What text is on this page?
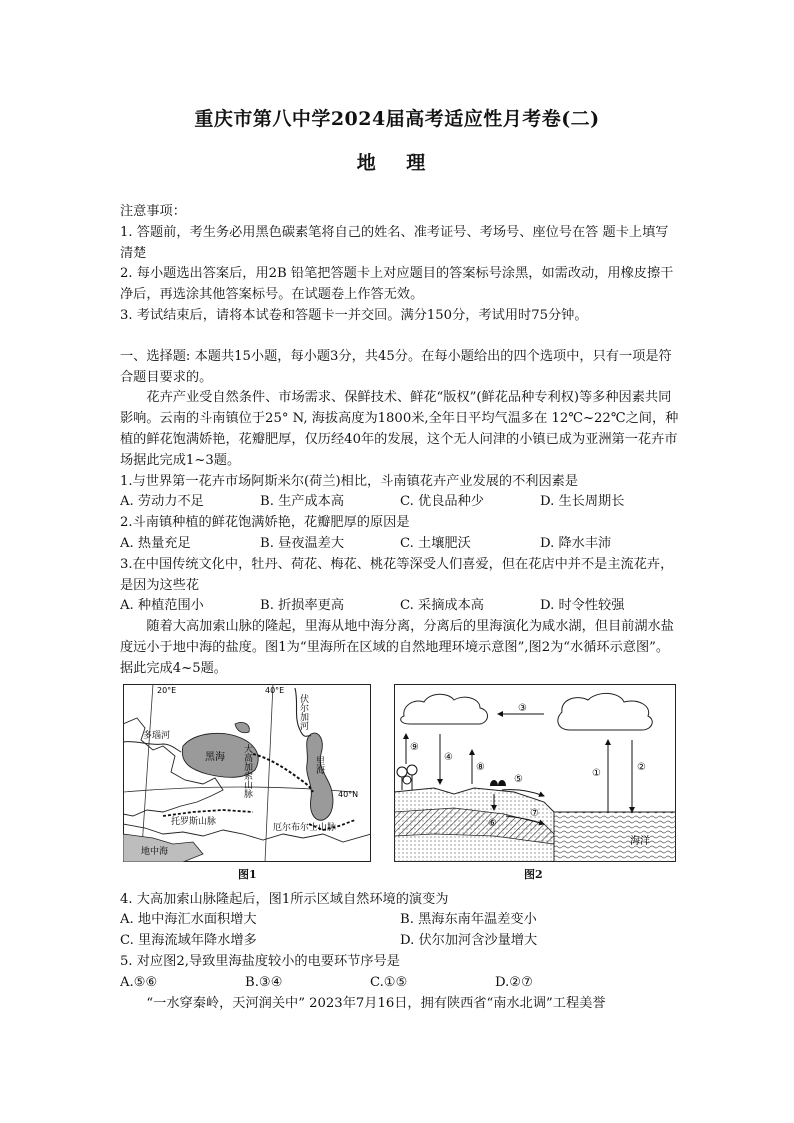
重庆市第八中学2024届高考适应性月考卷(二)
地 理

注意事项：

1. 答题前，考生务必用黑色碳素笔将自己的姓名、准考证号、考场号、座位号在答 题卡上填写清楚

2. 每小题选出答案后，用2B 铅笔把答题卡上对应题目的答案标号涂黑，如需改动，用橡皮擦干净后，再选涂其他答案标号。在试题卷上作答无效。

3. 考试结束后，请将本试卷和答题卡一并交回。满分150分，考试用时75分钟。

一、选择题: 本题共15小题，每小题3分，共45分。在每小题给出的四个选项中，只有一项是符合题目要求的。

花卉产业受自然条件、市场需求、保鲜技术、鲜花“版权”(鲜花品种专利权)等多种因素共同影响。云南的斗南镇位于25° N, 海拔高度为1800米,全年日平均气温多在 12℃~22℃之间，种植的鲜花饱满娇艳，花瓣肥厚，仅历经40年的发展，这个无人问津的小镇已成为亚洲第一花卉市场据此完成1~3题。

1.与世界第一花卉市场阿斯米尔(荷兰)相比，斗南镇花卉产业发展的不利因素是

A. 劳动力不足	B. 生产成本高	C. 优良品种少	D. 生长周期长

2.斗南镇种植的鲜花饱满娇艳，花瓣肥厚的原因是

A. 热量充足	B. 昼夜温差大	C. 土壤肥沃	D. 降水丰沛

3.在中国传统文化中，牡丹、荷花、梅花、桃花等深受人们喜爱，但在花店中并不是主流花卉，是因为这些花

A. 种植范围小	B. 折损率更高	C. 采摘成本高	D. 时令性较强

随着大高加索山脉的隆起，里海从地中海分离，分离后的里海演化为咸水湖，但目前湖水盐度远小于地中海的盐度。图1为“里海所在区域的自然地理环境示意图”,图2为“水循环示意图”。据此完成4~5题。

20°E	40°E
40°N
多瑙河
伏尔加河
黑海 大高加索山脉	里海
托罗斯山脉
厄尔布尔士山脉
地中海
③
①
②
海洋
⑨
④
⑧
⑤
⑥
⑦
图1	图2

4. 大高加索山脉隆起后，图1所示区域自然环境的演变为

A. 地中海汇水面积增大	B. 黑海东南年温差变小
C. 里海流域年降水增多	D. 伏尔加河含沙量增大

5. 对应图2,导致里海盐度较小的电要环节序号是

A.⑤⑥	B.③④	C.①⑤	D.②⑦

“一水穿秦岭，天河润关中” 2023年7月16日，拥有陕西省“南水北调”工程美誉
